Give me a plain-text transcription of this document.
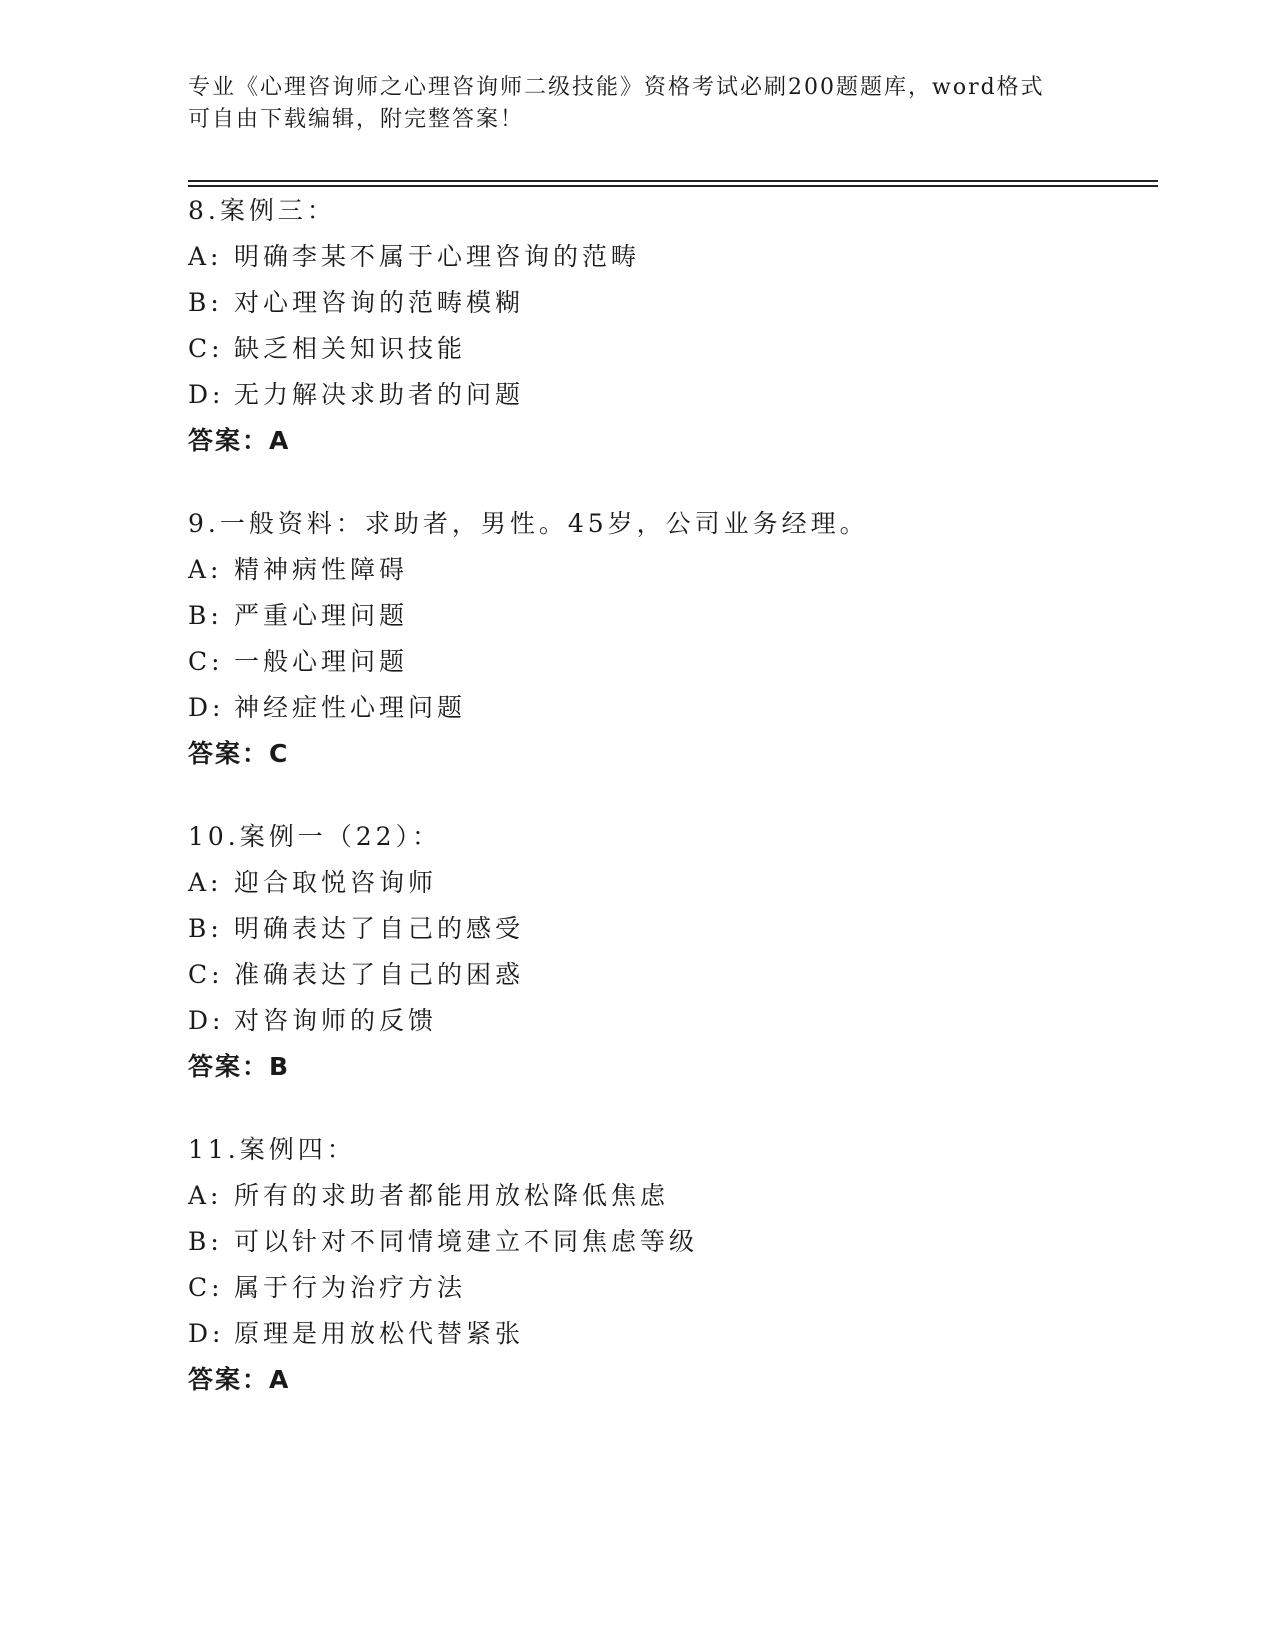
专业《心理咨询师之心理咨询师二级技能》资格考试必刷200题题库，word格式
可自由下载编辑，附完整答案！
8.案例三：
A: 明确李某不属于心理咨询的范畴
B: 对心理咨询的范畴模糊
C: 缺乏相关知识技能
D: 无力解决求助者的问题
答案：A
9.一般资料：求助者，男性。45岁，公司业务经理。
A: 精神病性障碍
B: 严重心理问题
C: 一般心理问题
D: 神经症性心理问题
答案：C
10.案例一（22）：
A: 迎合取悦咨询师
B: 明确表达了自己的感受
C: 准确表达了自己的困惑
D: 对咨询师的反馈
答案：B
11.案例四：
A: 所有的求助者都能用放松降低焦虑
B: 可以针对不同情境建立不同焦虑等级
C: 属于行为治疗方法
D: 原理是用放松代替紧张
答案：A
